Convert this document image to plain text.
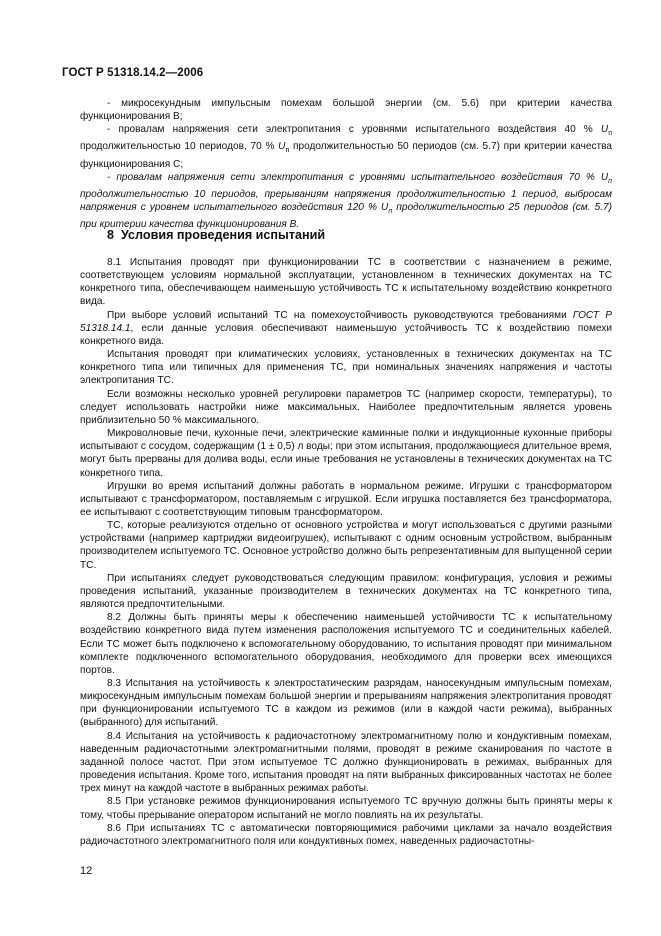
ГОСТ Р 51318.14.2—2006

- микросекундным импульсным помехам большой энергии (см. 5.6) при критерии качества функционирования В;

- провалам напряжения сети электропитания с уровнями испытательного воздействия 40 % $U_п$ продолжительностью 10 периодов, 70 % $U_п$ продолжительностью 50 периодов (см. 5.7) при критерии качества функционирования С;

- провалам напряжения сети электропитания с уровнями испытательного воздействия 70 % $U_п$ продолжительностью 10 периодов, прерываниям напряжения продолжительностью 1 период, выбросам напряжения с уровнем испытательного воздействия 120 % $U_п$ продолжительностью 25 периодов (см. 5.7) при критерии качества функционирования В.

8 Условия проведения испытаний

8.1 Испытания проводят при функционировании ТС в соответствии с назначением в режиме, соответствующем условиям нормальной эксплуатации, установленном в технических документах на ТС конкретного типа, обеспечивающем наименьшую устойчивость ТС к испытательному воздействию конкретного вида.

При выборе условий испытаний ТС на помехоустойчивость руководствуются требованиями ГОСТ Р 51318.14.1, если данные условия обеспечивают наименьшую устойчивость ТС к воздействию помехи конкретного вида.

Испытания проводят при климатических условиях, установленных в технических документах на ТС конкретного типа или типичных для применения ТС, при номинальных значениях напряжения и частоты электропитания ТС.

Если возможны несколько уровней регулировки параметров ТС (например скорости, температуры), то следует использовать настройки ниже максимальных. Наиболее предпочтительным является уровень приблизительно 50 % максимального.

Микроволновые печи, кухонные печи, электрические каминные полки и индукционные кухонные приборы испытывают с сосудом, содержащим (1 ± 0,5) л воды; при этом испытания, продолжающиеся длительное время, могут быть прерваны для долива воды, если иные требования не установлены в технических документах на ТС конкретного типа.

Игрушки во время испытаний должны работать в нормальном режиме. Игрушки с трансформатором испытывают с трансформатором, поставляемым с игрушкой. Если игрушка поставляется без трансформатора, ее испытывают с соответствующим типовым трансформатором.

ТС, которые реализуются отдельно от основного устройства и могут использоваться с другими разными устройствами (например картриджи видеоигрушек), испытывают с одним основным устройством, выбранным производителем испытуемого ТС. Основное устройство должно быть репрезентативным для выпущенной серии ТС.

При испытаниях следует руководствоваться следующим правилом: конфигурация, условия и режимы проведения испытаний, указанные производителем в технических документах на ТС конкретного типа, являются предпочтительными.

8.2 Должны быть приняты меры к обеспечению наименьшей устойчивости ТС к испытательному воздействию конкретного вида путем изменения расположения испытуемого ТС и соединительных кабелей. Если ТС может быть подключено к вспомогательному оборудованию, то испытания проводят при минимальном комплекте подключенного вспомогательного оборудования, необходимого для проверки всех имеющихся портов.

8.3 Испытания на устойчивость к электростатическим разрядам, наносекундным импульсным помехам, микросекундным импульсным помехам большой энергии и прерываниям напряжения электропитания проводят при функционировании испытуемого ТС в каждом из режимов (или в каждой части режима), выбранных (выбранного) для испытаний.

8.4 Испытания на устойчивость к радиочастотному электромагнитному полю и кондуктивным помехам, наведенным радиочастотными электромагнитными полями, проводят в режиме сканирования по частоте в заданной полосе частот. При этом испытуемое ТС должно функционировать в режимах, выбранных для проведения испытания. Кроме того, испытания проводят на пяти выбранных фиксированных частотах не более трех минут на каждой частоте в выбранных режимах работы.

8.5 При установке режимов функционирования испытуемого ТС вручную должны быть приняты меры к тому, чтобы прерывание оператором испытаний не могло повлиять на их результаты.

8.6 При испытаниях ТС с автоматически повторяющимися рабочими циклами за начало воздействия радиочастотного электромагнитного поля или кондуктивных помех, наведенных радиочастотны-

12
